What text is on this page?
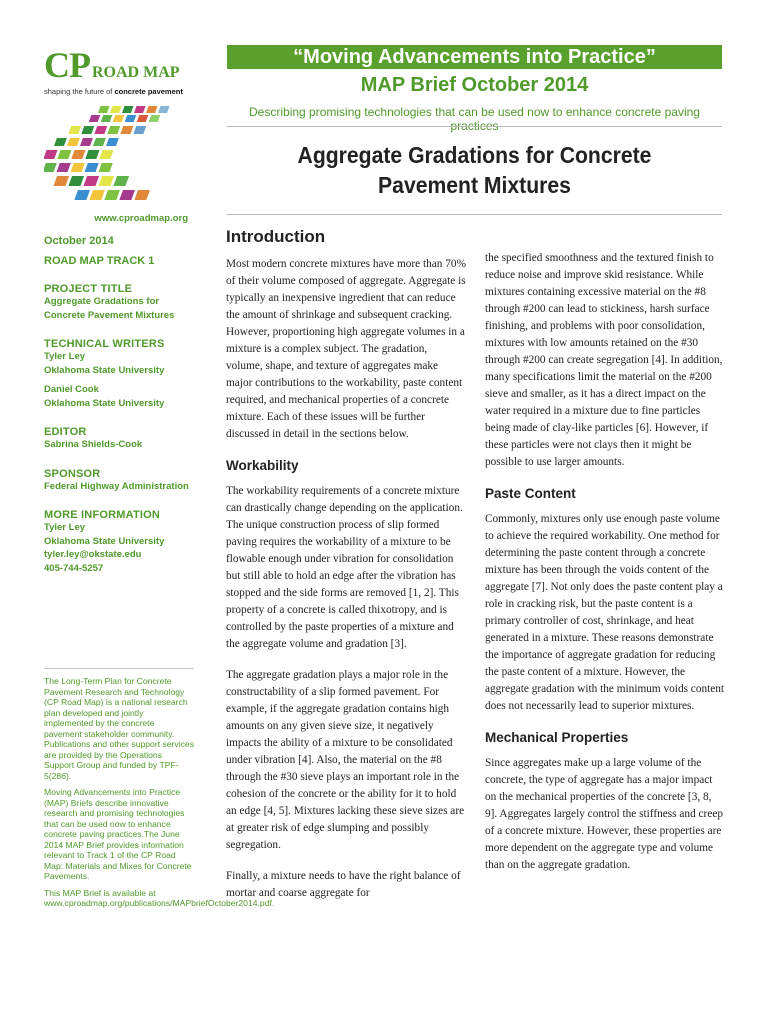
CP ROAD MAP
shaping the future of concrete pavement
“Moving Advancements into Practice”
MAP Brief October 2014
Describing promising technologies that can be used now to enhance concrete paving practices
Aggregate Gradations for Concrete Pavement Mixtures
www.cproadmap.org
October 2014
ROAD MAP TRACK 1
PROJECT TITLE
Aggregate Gradations for
Concrete Pavement Mixtures
TECHNICAL WRITERS
Tyler Ley
Oklahoma State University
Daniel Cook
Oklahoma State University
EDITOR
Sabrina Shields-Cook
SPONSOR
Federal Highway Administration
MORE INFORMATION
Tyler Ley
Oklahoma State University
tyler.ley@okstate.edu
405-744-5257

The Long-Term Plan for Concrete Pavement Research and Technology (CP Road Map) is a national research plan developed and jointly implemented by the concrete pavement stakeholder community. Publications and other support services are provided by the Operations Support Group and funded by TPF-5(286).

Moving Advancements into Practice (MAP) Briefs describe innovative research and promising technologies that can be used now to enhance concrete paving practices.The June 2014 MAP Brief provides information relevant to Track 1 of the CP Road Map: Materials and Mixes for Concrete Pavements.

This MAP Brief is available at www.cproadmap.org/publications/MAPbriefOctober2014.pdf.

Introduction

Most modern concrete mixtures have more than 70% of their volume composed of aggregate. Aggregate is typically an inexpensive ingredient that can reduce the amount of shrinkage and subsequent cracking. However, proportioning high aggregate volumes in a mixture is a complex subject. The gradation, volume, shape, and texture of aggregates make major contributions to the workability, paste content required, and mechanical properties of a concrete mixture. Each of these issues will be further discussed in detail in the sections below.

Workability

The workability requirements of a concrete mixture can drastically change depending on the application. The unique construction process of slip formed paving requires the workability of a mixture to be flowable enough under vibration for consolidation but still able to hold an edge after the vibration has stopped and the side forms are removed [1, 2]. This property of a concrete is called thixotropy, and is controlled by the paste properties of a mixture and the aggregate volume and gradation [3].

The aggregate gradation plays a major role in the constructability of a slip formed pavement. For example, if the aggregate gradation contains high amounts on any given sieve size, it negatively impacts the ability of a mixture to be consolidated under vibration [4]. Also, the material on the #8 through the #30 sieve plays an important role in the cohesion of the concrete or the ability for it to hold an edge [4, 5]. Mixtures lacking these sieve sizes are at greater risk of edge slumping and possibly segregation.

Finally, a mixture needs to have the right balance of mortar and coarse aggregate for

the specified smoothness and the textured finish to reduce noise and improve skid resistance. While mixtures containing excessive material on the #8 through #200 can lead to stickiness, harsh surface finishing, and problems with poor consolidation, mixtures with low amounts retained on the #30 through #200 can create segregation [4]. In addition, many specifications limit the material on the #200 sieve and smaller, as it has a direct impact on the water required in a mixture due to fine particles being made of clay-like particles [6]. However, if these particles were not clays then it might be possible to use larger amounts.

Paste Content

Commonly, mixtures only use enough paste volume to achieve the required workability. One method for determining the paste content through a concrete mixture has been through the voids content of the aggregate [7]. Not only does the paste content play a role in cracking risk, but the paste content is a primary controller of cost, shrinkage, and heat generated in a mixture. These reasons demonstrate the importance of aggregate gradation for reducing the paste content of a mixture. However, the aggregate gradation with the minimum voids content does not necessarily lead to superior mixtures.

Mechanical Properties

Since aggregates make up a large volume of the concrete, the type of aggregate has a major impact on the mechanical properties of the concrete [3, 8, 9]. Aggregates largely control the stiffness and creep of a concrete mixture. However, these properties are more dependent on the aggregate type and volume than on the aggregate gradation.
